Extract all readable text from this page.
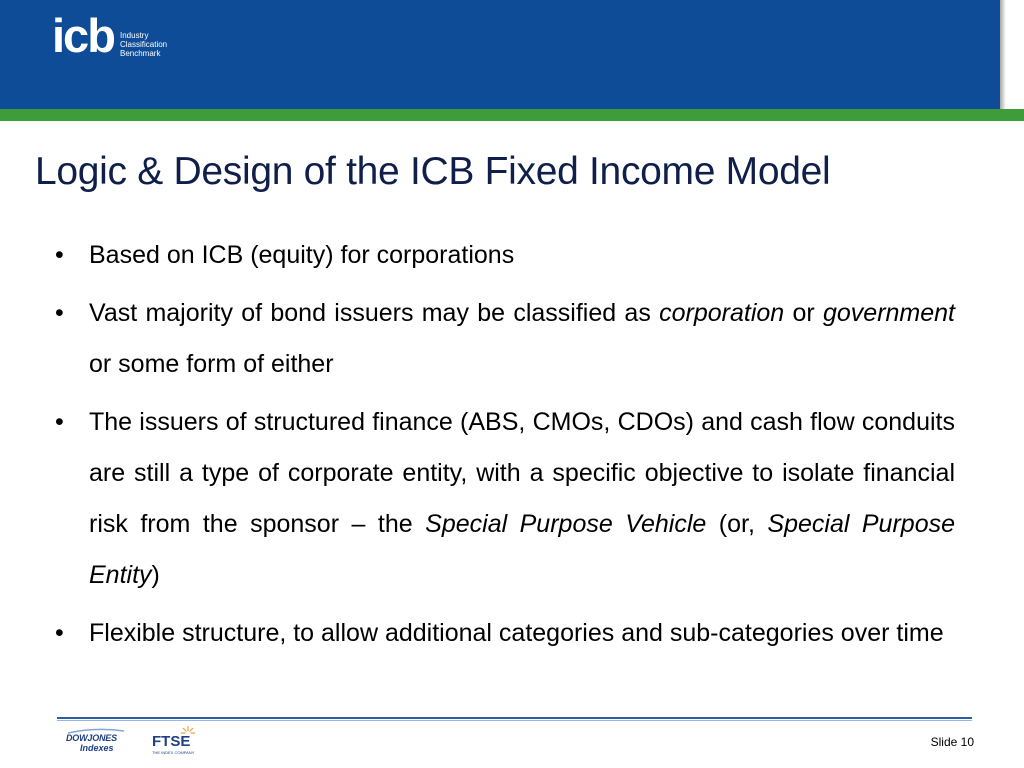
icb Industry
Classification
Benchmark
Logic & Design of the ICB Fixed Income Model
• Based on ICB (equity) for corporations
• Vast majority of bond issuers may be classified as corporation or government or some form of either
• The issuers of structured finance (ABS, CMOs, CDOs) and cash flow conduits are still a type of corporate entity, with a specific objective to isolate financial risk from the sponsor – the Special Purpose Vehicle (or, Special Purpose Entity)
• Flexible structure, to allow additional categories and sub-categories over time
DOWJONES
Indexes	FTSE
THE INDEX COMPANY
Slide 10
